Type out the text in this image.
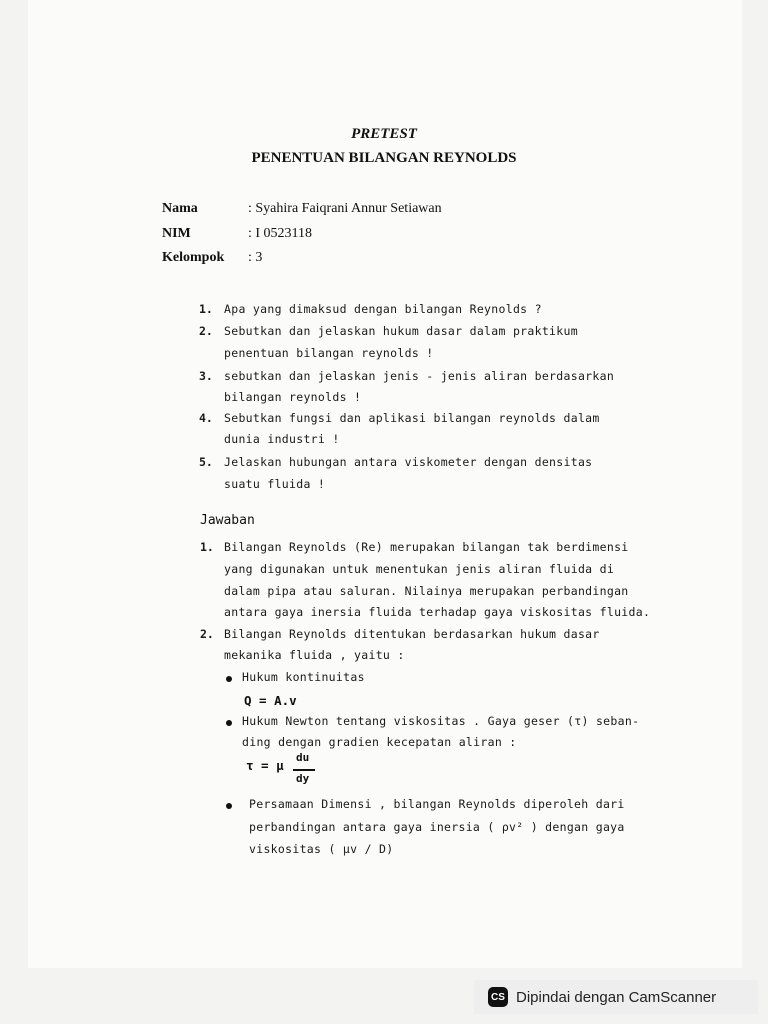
PRETEST
PENENTUAN BILANGAN REYNOLDS
Nama	: Syahira Faiqrani Annur Setiawan
NIM	: I 0523118
Kelompok : 3
1. Apa yang dimaksud dengan bilangan Reynolds ?
2. Sebutkan dan jelaskan hukum dasar dalam praktikum
penentuan bilangan reynolds !
3. sebutkan dan jelaskan jenis - jenis aliran berdasarkan
bilangan reynolds !
4. Sebutkan fungsi dan aplikasi bilangan reynolds dalam
dunia industri !
5. Jelaskan hubungan antara viskometer dengan densitas
suatu fluida !
Jawaban
1. Bilangan Reynolds (Re) merupakan bilangan tak berdimensi
yang digunakan untuk menentukan jenis aliran fluida di
dalam pipa atau saluran. Nilainya merupakan perbandingan
antara gaya inersia fluida terhadap gaya viskositas fluida.
2. Bilangan Reynolds ditentukan berdasarkan hukum dasar
mekanika fluida , yaitu :
Hukum kontinuitas
Q = A.v
Hukum Newton tentang viskositas . Gaya geser (τ) seban-
ding dengan gradien kecepatan aliran :
τ = μ
du
dy
Persamaan Dimensi , bilangan Reynolds diperoleh dari
perbandingan antara gaya inersia ( ρv² ) dengan gaya
viskositas ( μv / D)
CS Dipindai dengan CamScanner
